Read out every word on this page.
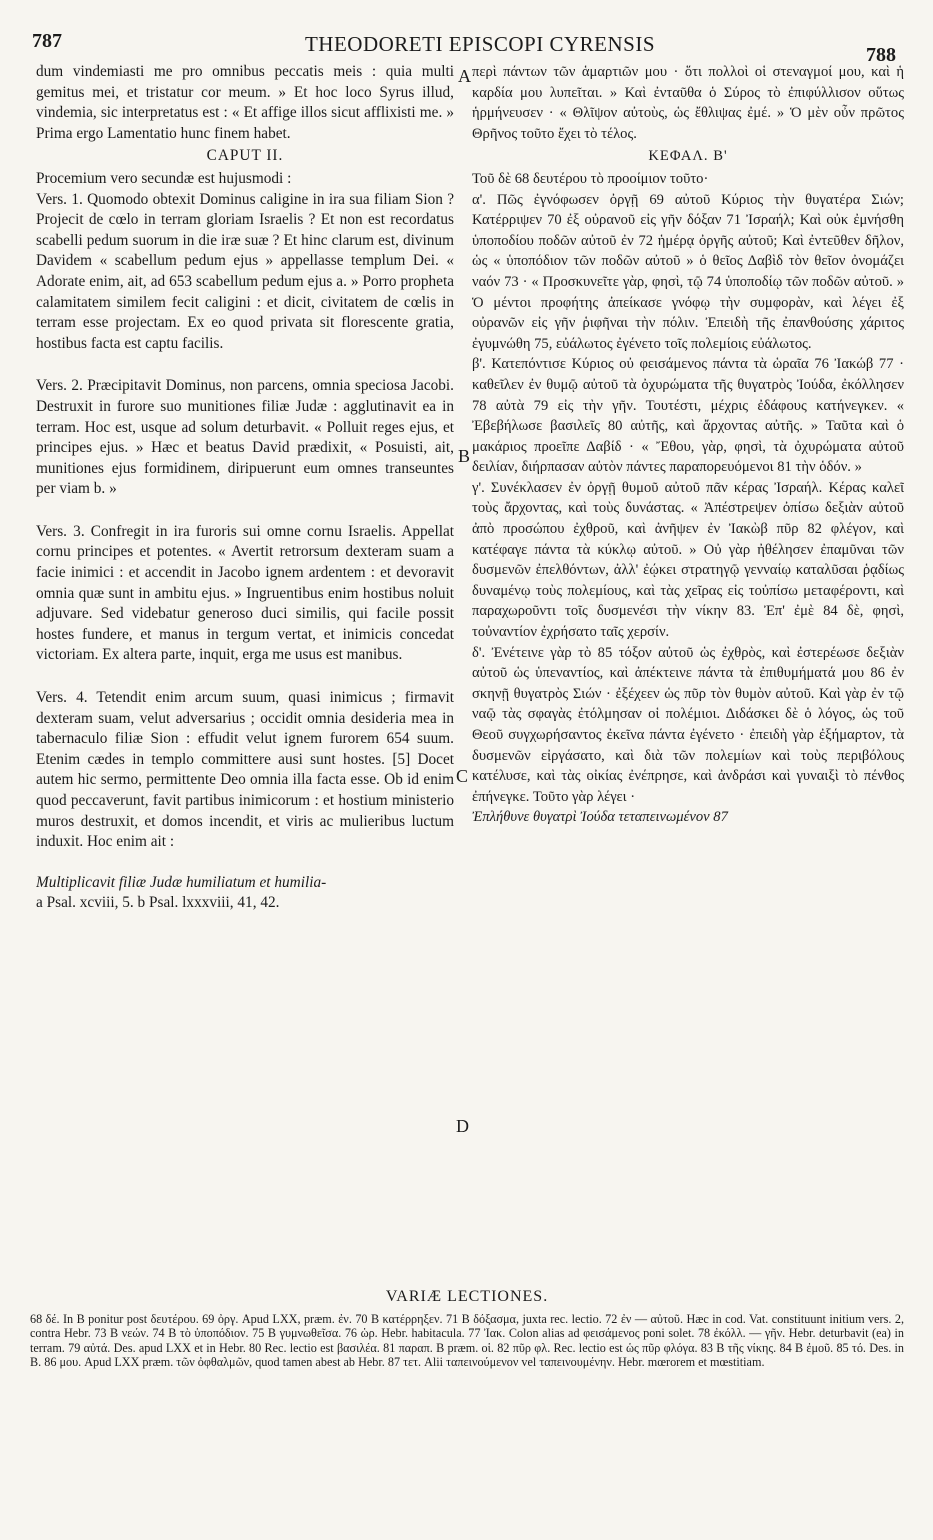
787	THEODORETI EPISCOPI CYRENSIS	788

dum vindemiasti me pro omnibus peccatis meis : quia multi gemitus mei, et tristatur cor meum. » Et hoc loco Syrus illud, vindemia, sic interpretatus est : « Et affige illos sicut afflixisti me. » Prima ergo Lamentatio hunc finem habet.

CAPUT II.

Procemium vero secundæ est hujusmodi :

Vers. 1. Quomodo obtexit Dominus caligine in ira sua filiam Sion ? Projecit de cœlo in terram gloriam Israelis ? Et non est recordatus scabelli pedum suorum in die iræ suæ ? Et hinc clarum est, divinum Davidem « scabellum pedum ejus » appellasse templum Dei. « Adorate enim, ait, ad 653 scabellum pedum ejus a. » Porro propheta calamitatem similem fecit caligini : et dicit, civitatem de cœlis in terram esse projectam. Ex eo quod privata sit florescente gratia, hostibus facta est captu facilis.

Vers. 2. Præcipitavit Dominus, non parcens, omnia speciosa Jacobi. Destruxit in furore suo munitiones filiæ Judæ : agglutinavit ea in terram. Hoc est, usque ad solum deturbavit. « Polluit reges ejus, et principes ejus. » Hæc et beatus David prædixit, « Posuisti, ait, munitiones ejus formidinem, diripuerunt eum omnes transeuntes per viam b. »

Vers. 3. Confregit in ira furoris sui omne cornu Israelis. Appellat cornu principes et potentes. « Avertit retrorsum dexteram suam a facie inimici : et accendit in Jacobo ignem ardentem : et devoravit omnia quæ sunt in ambitu ejus. » Ingruentibus enim hostibus noluit adjuvare. Sed videbatur generoso duci similis, qui facile possit hostes fundere, et manus in tergum vertat, et inimicis concedat victoriam. Ex altera parte, inquit, erga me usus est manibus.

Vers. 4. Tetendit enim arcum suum, quasi inimicus ; firmavit dexteram suam, velut adversarius ; occidit omnia desideria mea in tabernaculo filiæ Sion : effudit velut ignem furorem 654 suum. Etenim cædes in templo committere ausi sunt hostes. [5] Docet autem hic sermo, permittente Deo omnia illa facta esse. Ob id enim quod peccaverunt, favit partibus inimicorum : et hostium ministerio muros destruxit, et domos incendit, et viris ac mulieribus luctum induxit. Hoc enim ait :

Multiplicavit filiæ Judæ humiliatum et humilia-

a Psal. xcviii, 5. b Psal. lxxxviii, 41, 42.

περὶ πάντων τῶν ἁμαρτιῶν μου · ὅτι πολλοὶ οἱ στεναγμοί μου, καὶ ἡ καρδία μου λυπεῖται. » Καὶ ἐνταῦθα ὁ Σύρος τὸ ἐπιφύλλισον οὕτως ἡρμήνευσεν · « Θλῖψον αὐτοὺς, ὡς ἔθλιψας ἐμέ. » Ὁ μὲν οὖν πρῶτος Θρῆνος τοῦτο ἔχει τὸ τέλος.

ΚΕΦΑΛ. Β'

Τοῦ δὲ 68 δευτέρου τὸ προοίμιον τοῦτο·

α'. Πῶς ἐγνόφωσεν ὀργῇ 69 αὐτοῦ Κύριος τὴν θυγατέρα Σιών; Κατέρριψεν 70 ἐξ οὐρανοῦ εἰς γῆν δόξαν 71 Ἰσραήλ; Καὶ οὐκ ἐμνήσθη ὑποποδίου ποδῶν αὐτοῦ ἐν 72 ἡμέρᾳ ὀργῆς αὐτοῦ; Καὶ ἐντεῦθεν δῆλον, ὡς « ὑποπόδιον τῶν ποδῶν αὐτοῦ » ὁ θεῖος Δαβὶδ τὸν θεῖον ὀνομάζει ναόν 73 · « Προσκυνεῖτε γὰρ, φησὶ, τῷ 74 ὑποποδίῳ τῶν ποδῶν αὐτοῦ. » Ὁ μέντοι προφήτης ἀπείκασε γνόφῳ τὴν συμφορὰν, καὶ λέγει ἐξ οὐρανῶν εἰς γῆν ῥιφῆναι τὴν πόλιν. Ἐπειδὴ τῆς ἐπανθούσης χάριτος ἐγυμνώθη 75, εὐάλωτος ἐγένετο τοῖς πολεμίοις εὐάλωτος.

β'. Κατεπόντισε Κύριος οὐ φεισάμενος πάντα τὰ ὡραῖα 76 Ἰακώβ 77 · καθεῖλεν ἐν θυμῷ αὐτοῦ τὰ ὀχυρώματα τῆς θυγατρὸς Ἰούδα, ἐκόλλησεν 78 αὐτὰ 79 εἰς τὴν γῆν. Τουτέστι, μέχρις ἐδάφους κατήνεγκεν. « Ἐβεβήλωσε βασιλεῖς 80 αὐτῆς, καὶ ἄρχοντας αὐτῆς. » Ταῦτα καὶ ὁ μακάριος προεῖπε Δαβίδ · « Ἔθου, γὰρ, φησὶ, τὰ ὀχυρώματα αὐτοῦ δειλίαν, διήρπασαν αὐτὸν πάντες παραπορευόμενοι 81 τὴν ὁδόν. »

γ'. Συνέκλασεν ἐν ὀργῇ θυμοῦ αὐτοῦ πᾶν κέρας Ἰσραήλ. Κέρας καλεῖ τοὺς ἄρχοντας, καὶ τοὺς δυνάστας. « Ἀπέστρεψεν ὀπίσω δεξιὰν αὐτοῦ ἀπὸ προσώπου ἐχθροῦ, καὶ ἀνῆψεν ἐν Ἰακὼβ πῦρ 82 φλέγον, καὶ κατέφαγε πάντα τὰ κύκλῳ αὐτοῦ. » Οὐ γὰρ ἠθέλησεν ἐπαμῦναι τῶν δυσμενῶν ἐπελθόντων, ἀλλ' ἐῴκει στρατηγῷ γενναίῳ καταλῦσαι ῥᾳδίως δυναμένῳ τοὺς πολεμίους, καὶ τὰς χεῖρας εἰς τοὐπίσω μεταφέροντι, καὶ παραχωροῦντι τοῖς δυσμενέσι τὴν νίκην 83. Ἐπ' ἐμὲ 84 δὲ, φησὶ, τοὐναντίον ἐχρήσατο ταῖς χερσίν.

δ'. Ἐνέτεινε γὰρ τὸ 85 τόξον αὐτοῦ ὡς ἐχθρὸς, καὶ ἐστερέωσε δεξιὰν αὐτοῦ ὡς ὑπεναντίος, καὶ ἀπέκτεινε πάντα τὰ ἐπιθυμήματά μου 86 ἐν σκηνῇ θυγατρὸς Σιών · ἐξέχεεν ὡς πῦρ τὸν θυμὸν αὐτοῦ. Καὶ γὰρ ἐν τῷ ναῷ τὰς σφαγὰς ἐτόλμησαν οἱ πολέμιοι. Διδάσκει δὲ ὁ λόγος, ὡς τοῦ Θεοῦ συγχωρήσαντος ἐκεῖνα πάντα ἐγένετο · ἐπειδὴ γὰρ ἐξήμαρτον, τὰ δυσμενῶν εἰργάσατο, καὶ διὰ τῶν πολεμίων καὶ τοὺς περιβόλους κατέλυσε, καὶ τὰς οἰκίας ἐνέπρησε, καὶ ἀνδράσι καὶ γυναιξὶ τὸ πένθος ἐπήνεγκε. Τοῦτο γὰρ λέγει ·

Ἐπλήθυνε θυγατρὶ Ἰούδα τεταπεινωμένον 87

A
B
C
D

VARIÆ LECTIONES.

68 δέ. In B ponitur post δευτέρου. 69 ὀργ. Apud LXX, præm. ἐν. 70 B κατέρρηξεν. 71 B δόξασμα, juxta rec. lectio. 72 ἐν — αὐτοῦ. Hæc in cod. Vat. constituunt initium vers. 2, contra Hebr. 73 B νεών. 74 B τὸ ὑποπόδιον. 75 B γυμνωθεῖσα. 76 ὡρ. Hebr. habitacula. 77 Ἰακ. Colon alias ad φεισάμενος poni solet. 78 ἐκόλλ. — γῆν. Hebr. deturbavit (ea) in terram. 79 αὐτά. Des. apud LXX et in Hebr. 80 Rec. lectio est βασιλέα. 81 παραπ. B præm. οἱ. 82 πῦρ φλ. Rec. lectio est ὡς πῦρ φλόγα. 83 B τῆς νίκης. 84 B ἐμοῦ. 85 τό. Des. in B. 86 μου. Apud LXX præm. τῶν ὀφθαλμῶν, quod tamen abest ab Hebr. 87 τετ. Alii ταπεινούμενον vel ταπεινουμένην. Hebr. mœrorem et mœstitiam.
